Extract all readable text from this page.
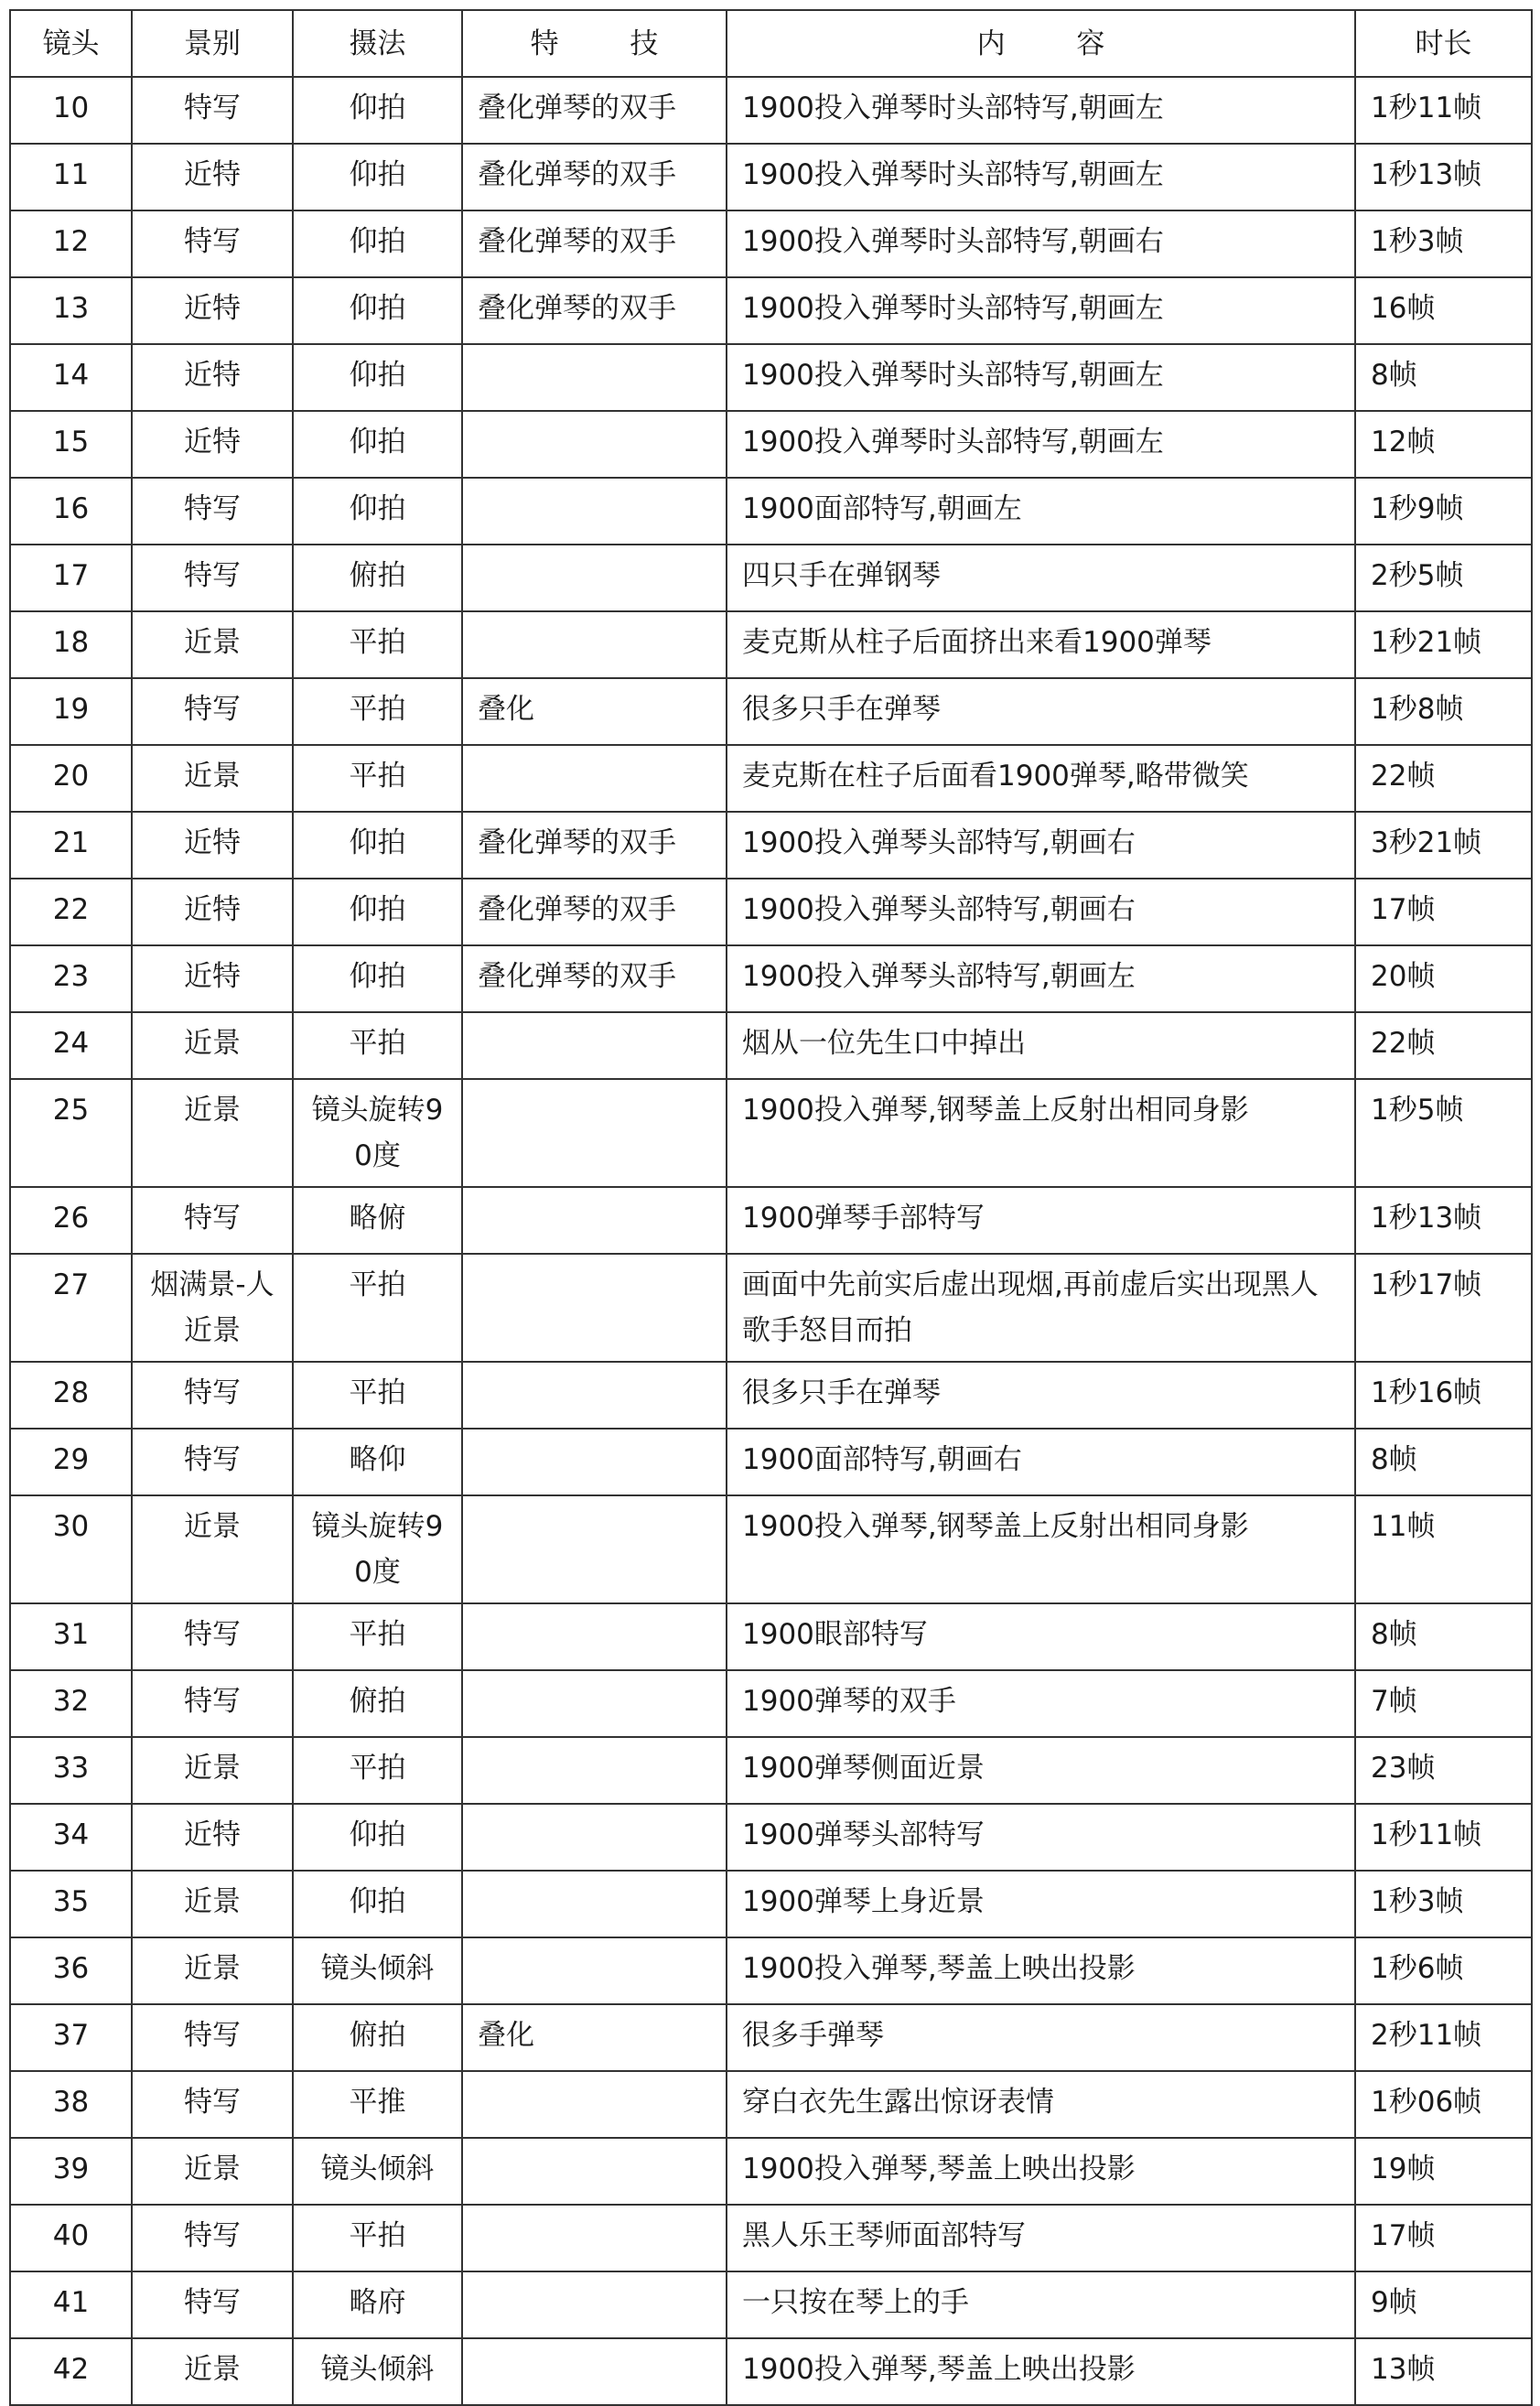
镜头	景别	摄法	特 技	内 容	时长
10	特写	仰拍	叠化弹琴的双手	1900投入弹琴时头部特写,朝画左	1秒11帧
11	近特	仰拍	叠化弹琴的双手	1900投入弹琴时头部特写,朝画左	1秒13帧
12	特写	仰拍	叠化弹琴的双手	1900投入弹琴时头部特写,朝画右	1秒3帧
13	近特	仰拍	叠化弹琴的双手	1900投入弹琴时头部特写,朝画左	16帧
14	近特	仰拍		1900投入弹琴时头部特写,朝画左	8帧
15	近特	仰拍		1900投入弹琴时头部特写,朝画左	12帧
16	特写	仰拍		1900面部特写,朝画左	1秒9帧
17	特写	俯拍		四只手在弹钢琴	2秒5帧
18	近景	平拍		麦克斯从柱子后面挤出来看1900弹琴	1秒21帧
19	特写	平拍	叠化	很多只手在弹琴	1秒8帧
20	近景	平拍		麦克斯在柱子后面看1900弹琴,略带微笑	22帧
21	近特	仰拍	叠化弹琴的双手	1900投入弹琴头部特写,朝画右	3秒21帧
22	近特	仰拍	叠化弹琴的双手	1900投入弹琴头部特写,朝画右	17帧
23	近特	仰拍	叠化弹琴的双手	1900投入弹琴头部特写,朝画左	20帧
24	近景	平拍		烟从一位先生口中掉出	22帧
25	近景	镜头旋转90度		1900投入弹琴,钢琴盖上反射出相同身影	1秒5帧
26	特写	略俯		1900弹琴手部特写	1秒13帧
27	烟满景-人近景	平拍		画面中先前实后虚出现烟,再前虚后实出现黑人歌手怒目而拍	1秒17帧
28	特写	平拍		很多只手在弹琴	1秒16帧
29	特写	略仰		1900面部特写,朝画右	8帧
30	近景	镜头旋转90度		1900投入弹琴,钢琴盖上反射出相同身影	11帧
31	特写	平拍		1900眼部特写	8帧
32	特写	俯拍		1900弹琴的双手	7帧
33	近景	平拍		1900弹琴侧面近景	23帧
34	近特	仰拍		1900弹琴头部特写	1秒11帧
35	近景	仰拍		1900弹琴上身近景	1秒3帧
36	近景	镜头倾斜		1900投入弹琴,琴盖上映出投影	1秒6帧
37	特写	俯拍	叠化	很多手弹琴	2秒11帧
38	特写	平推		穿白衣先生露出惊讶表情	1秒06帧
39	近景	镜头倾斜		1900投入弹琴,琴盖上映出投影	19帧
40	特写	平拍		黑人乐王琴师面部特写	17帧
41	特写	略府		一只按在琴上的手	9帧
42	近景	镜头倾斜		1900投入弹琴,琴盖上映出投影	13帧
